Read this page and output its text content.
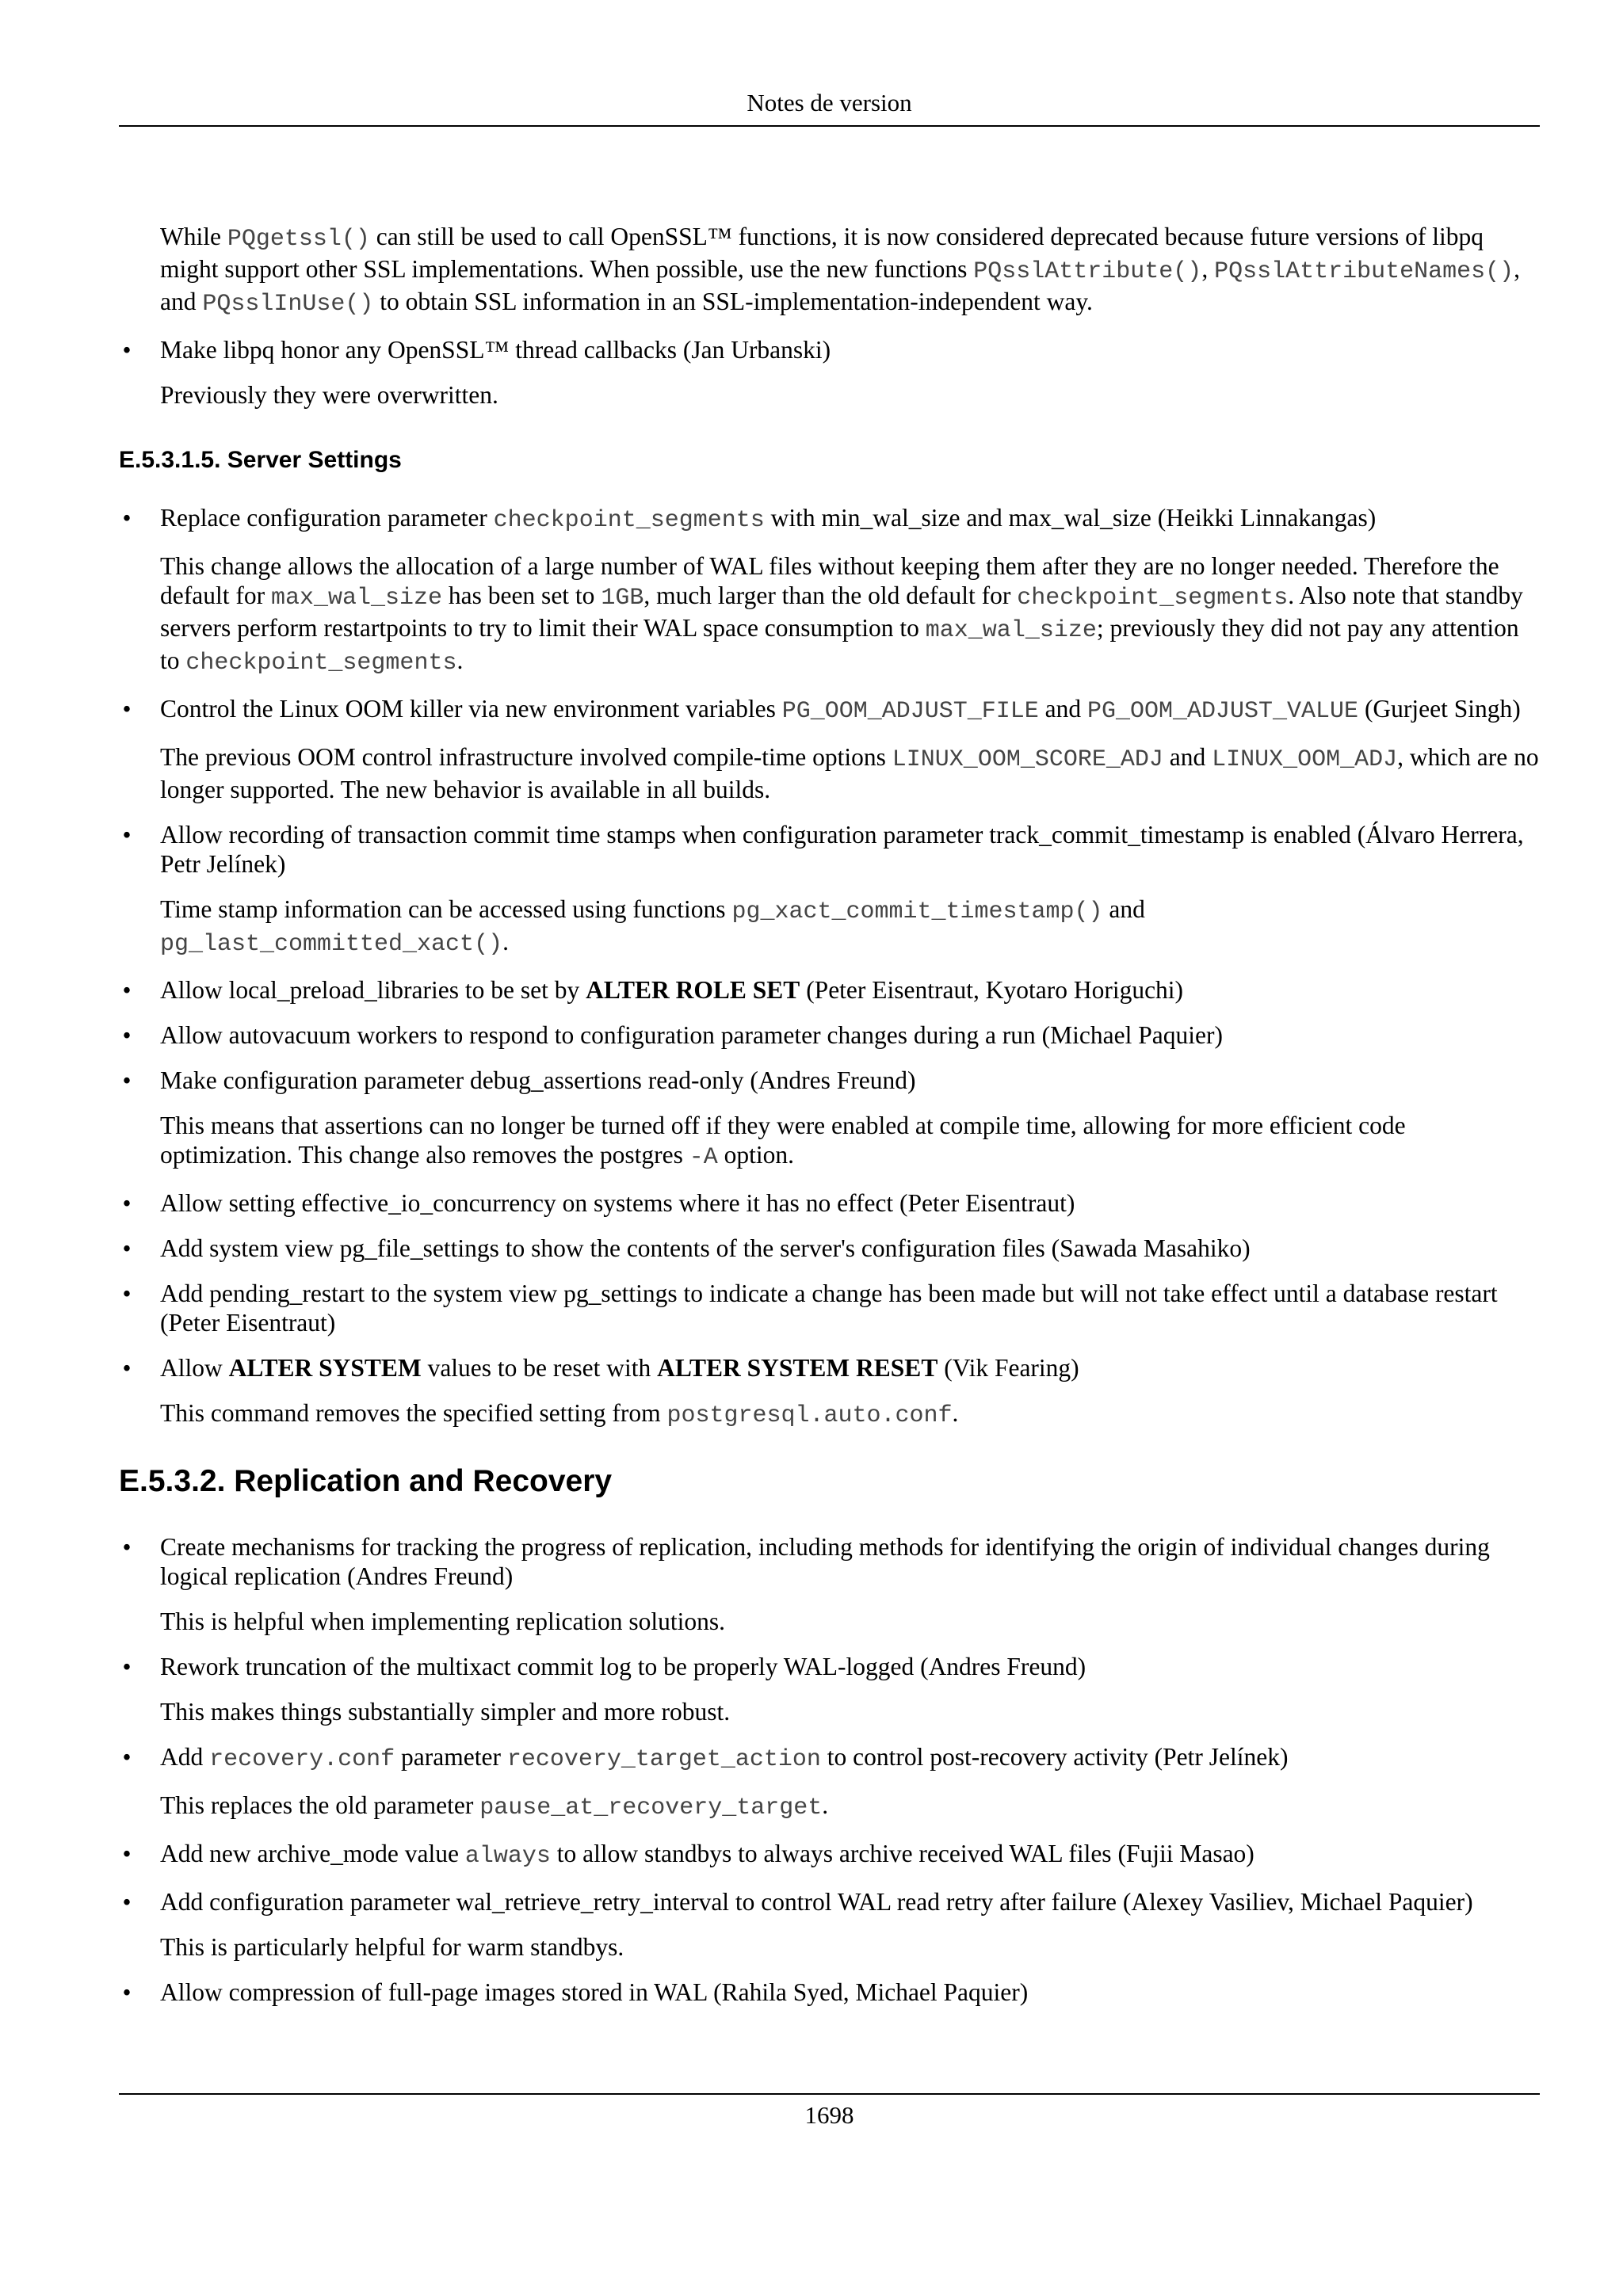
Notes de version

While PQgetssl() can still be used to call OpenSSL™ functions, it is now considered deprecated because future versions of libpq might support other SSL implementations. When possible, use the new functions PQsslAttribute(), PQsslAttributeNames(), and PQsslInUse() to obtain SSL information in an SSL-implementation-independent way.

• Make libpq honor any OpenSSL™ thread callbacks (Jan Urbanski)
Previously they were overwritten.
E.5.3.1.5. Server Settings
• Replace configuration parameter checkpoint_segments with min_wal_size and max_wal_size (Heikki Linnakangas)
This change allows the allocation of a large number of WAL files without keeping them after they are no longer needed. Therefore the default for max_wal_size has been set to 1GB, much larger than the old default for checkpoint_segments. Also note that standby servers perform restartpoints to try to limit their WAL space consumption to max_wal_size; previously they did not pay any attention to checkpoint_segments.
• Control the Linux OOM killer via new environment variables PG_OOM_ADJUST_FILE and PG_OOM_ADJUST_VALUE (Gurjeet Singh)
The previous OOM control infrastructure involved compile-time options LINUX_OOM_SCORE_ADJ and LINUX_OOM_ADJ, which are no longer supported. The new behavior is available in all builds.
• Allow recording of transaction commit time stamps when configuration parameter track_commit_timestamp is enabled (Álvaro Herrera, Petr Jelínek)
Time stamp information can be accessed using functions pg_xact_commit_timestamp() and
pg_last_committed_xact().
• Allow local_preload_libraries to be set by ALTER ROLE SET (Peter Eisentraut, Kyotaro Horiguchi)
• Allow autovacuum workers to respond to configuration parameter changes during a run (Michael Paquier)
• Make configuration parameter debug_assertions read-only (Andres Freund)
This means that assertions can no longer be turned off if they were enabled at compile time, allowing for more efficient code optimization. This change also removes the postgres -A option.
• Allow setting effective_io_concurrency on systems where it has no effect (Peter Eisentraut)
• Add system view pg_file_settings to show the contents of the server's configuration files (Sawada Masahiko)
• Add pending_restart to the system view pg_settings to indicate a change has been made but will not take effect until a database restart (Peter Eisentraut)
• Allow ALTER SYSTEM values to be reset with ALTER SYSTEM RESET (Vik Fearing)
This command removes the specified setting from postgresql.auto.conf.
E.5.3.2. Replication and Recovery
• Create mechanisms for tracking the progress of replication, including methods for identifying the origin of individual changes during logical replication (Andres Freund)
This is helpful when implementing replication solutions.
• Rework truncation of the multixact commit log to be properly WAL-logged (Andres Freund)
This makes things substantially simpler and more robust.
• Add recovery.conf parameter recovery_target_action to control post-recovery activity (Petr Jelínek)
This replaces the old parameter pause_at_recovery_target.
• Add new archive_mode value always to allow standbys to always archive received WAL files (Fujii Masao)
• Add configuration parameter wal_retrieve_retry_interval to control WAL read retry after failure (Alexey Vasiliev, Michael Paquier)
This is particularly helpful for warm standbys.
• Allow compression of full-page images stored in WAL (Rahila Syed, Michael Paquier)
1698
